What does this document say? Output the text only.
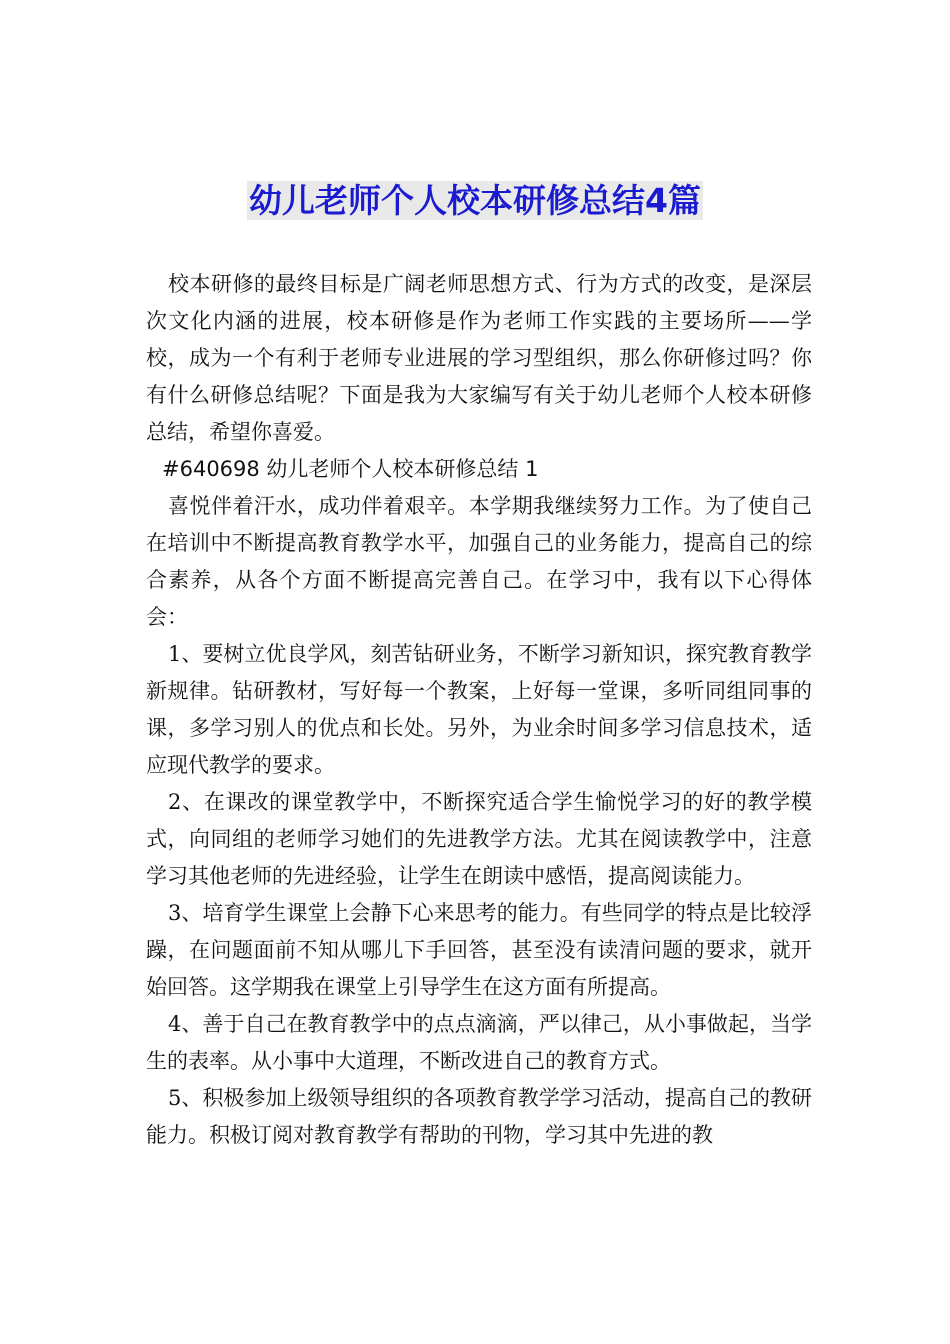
幼儿老师个人校本研修总结4篇

校本研修的最终目标是广阔老师思想方式、行为方式的改变，是深层次文化内涵的进展，校本研修是作为老师工作实践的主要场所——学校，成为一个有利于老师专业进展的学习型组织，那么你研修过吗？你有什么研修总结呢？下面是我为大家编写有关于幼儿老师个人校本研修总结，希望你喜爱。

#640698 幼儿老师个人校本研修总结 1

喜悦伴着汗水，成功伴着艰辛。本学期我继续努力工作。为了使自己在培训中不断提高教育教学水平，加强自己的业务能力，提高自己的综合素养，从各个方面不断提高完善自己。在学习中，我有以下心得体会：

1、要树立优良学风，刻苦钻研业务，不断学习新知识，探究教育教学新规律。钻研教材，写好每一个教案，上好每一堂课，多听同组同事的课，多学习别人的优点和长处。另外，为业余时间多学习信息技术，适应现代教学的要求。

2、在课改的课堂教学中，不断探究适合学生愉悦学习的好的教学模式，向同组的老师学习她们的先进教学方法。尤其在阅读教学中，注意学习其他老师的先进经验，让学生在朗读中感悟，提高阅读能力。

3、培育学生课堂上会静下心来思考的能力。有些同学的特点是比较浮躁，在问题面前不知从哪儿下手回答，甚至没有读清问题的要求，就开始回答。这学期我在课堂上引导学生在这方面有所提高。

4、善于自己在教育教学中的点点滴滴，严以律己，从小事做起，当学生的表率。从小事中大道理，不断改进自己的教育方式。

5、积极参加上级领导组织的各项教育教学学习活动，提高自己的教研能力。积极订阅对教育教学有帮助的刊物，学习其中先进的教
